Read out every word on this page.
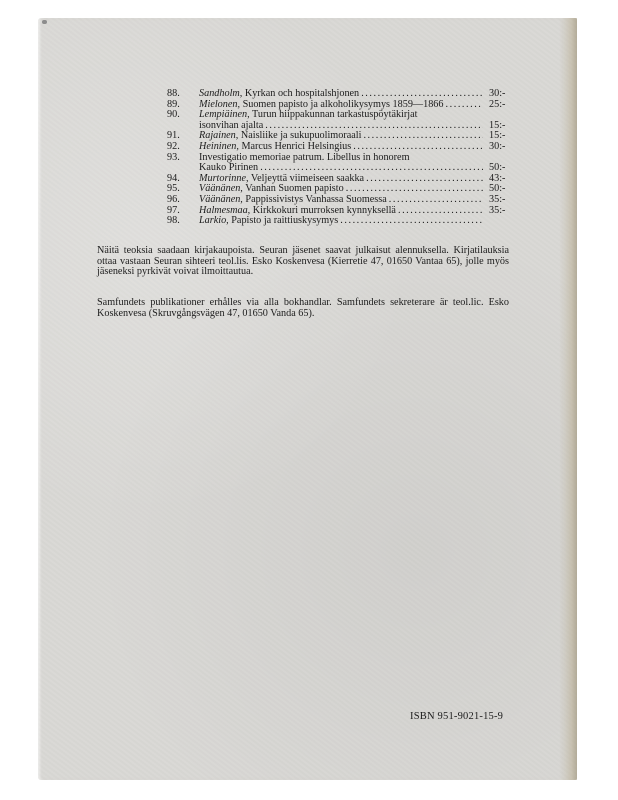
88.	Sandholm, Kyrkan och hospitalshjonen . . .	30:-
89.	Mielonen, Suomen papisto ja alkoholikysymys 1859—1866 . . .	25:-
90.	Lempiäinen, Turun hiippakunnan tarkastuspöytäkirjat
isonvihan ajalta . . .	15:-
91.	Rajainen, Naisliike ja sukupuolimoraali . . .	15:-
92.	Heininen, Marcus Henrici Helsingius . . .	30:-
93.	Investigatio memoriae patrum. Libellus in honorem
Kauko Pirinen . . .	50:-
94.	Murtorinne, Veljeyttä viimeiseen saakka . . .	43:-
95.	Väänänen, Vanhan Suomen papisto . . .	50:-
96.	Väänänen, Pappissivistys Vanhassa Suomessa . . .	35:-
97.	Halmesmaa, Kirkkokuri murroksen kynnyksellä . . .	35:-
98.	Larkio, Papisto ja raittiuskysymys . . .

Näitä teoksia saadaan kirjakaupoista. Seuran jäsenet saavat julkaisut alennuksella. Kirjatilauksia ottaa vastaan Seuran sihteeri teol.lis. Esko Koskenvesa (Kierretie 47, 01650 Vantaa 65), jolle myös jäseneksi pyrkivät voivat ilmoittautua.

Samfundets publikationer erhålles via alla bokhandlar. Samfundets sekreterare är teol.lic. Esko Koskenvesa (Skruvgångsvägen 47, 01650 Vanda 65).

ISBN 951-9021-15-9
